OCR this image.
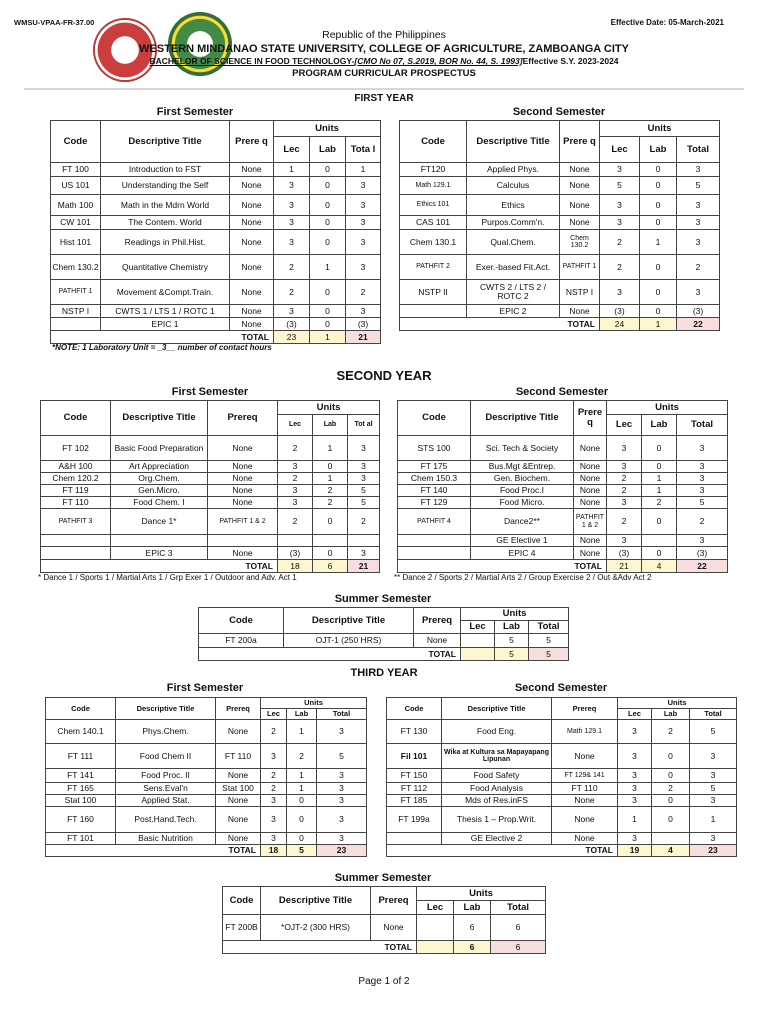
WMSU-VPAA-FR-37.00	Effective Date: 05-March-2021
Republic of the Philippines
WESTERN MINDANAO STATE UNIVERSITY, COLLEGE OF AGRICULTURE, ZAMBOANGA CITY
BACHELOR OF SCIENCE IN FOOD TECHNOLOGY-[CMO No 07, S.2019, BOR No. 44, S. 1993]Effective S.Y. 2023-2024
PROGRAM CURRICULAR PROSPECTUS
FIRST YEAR
First Semester	Second Semester
Code	Descriptive Title	Prere q	Units		
			Lec	Lab	Tota l
FT 100	Introduction to FST	None	1	0	1
US 101	Understanding the Self	None	3	0	3
Math 100	Math in the Mdrn World	None	3	0	3
CW 101	The Contem. World	None	3	0	3
Hist 101	Readings in Phil.Hist.	None	3	0	3
Chem 130.2	Quantitative Chemistry	None	2	1	3
PATHFIT 1	Movement &Compt.Train.	None	2	0	2
NSTP I	CWTS 1 / LTS 1 / ROTC 1	None	3	0	3
	EPIC 1	None	(3)	0	(3)
TOTAL			23	1	21
Code	Descriptive Title	Prere q	Units		
			Lec	Lab	Total
FT120	Applied Phys.	None	3	0	3
Math 129.1	Calculus	None	5	0	5
Ethics 101	Ethics	None	3	0	3
CAS 101	Purpos.Comm'n.	None	3	0	3
Chem 130.1	Qual.Chem.	Chem 130.2	2	1	3
PATHFIT 2	Exer.-based Fit.Act.	PATHFIT 1	2	0	2
NSTP II	CWTS 2 / LTS 2 / ROTC 2	NSTP I	3	0	3
	EPIC 2	None	(3)	0	(3)
TOTAL			24	1	22
*NOTE: 1 Laboratory Unit = _3__ number of contact hours
SECOND YEAR
First Semester	Second Semester
Code	Descriptive Title	Prereq	Units		
			Lec	Lab	Tot al
FT 102	Basic Food Preparation	None	2	1	3
A&H 100	Art Appreciation	None	3	0	3
Chem 120.2	Org.Chem.	None	2	1	3
FT 119	Gen.Micro.	None	3	2	5
FT 110	Food Chem. I	None	3	2	5
PATHFIT 3	Dance 1*	PATHFIT 1 & 2	2	0	2

	EPIC 3	None	(3)	0	3
TOTAL			18	6	21
Code	Descriptive Title	Prere q	Units		
			Lec	Lab	Total
STS 100	Sci. Tech & Society	None	3	0	3
FT 175	Bus.Mgt &Entrep.	None	3	0	3
Chem 150.3	Gen. Biochem.	None	2	1	3
FT 140	Food Proc.I	None	2	1	3
FT 129	Food Micro.	None	3	2	5
PATHFIT 4	Dance2**	PATHFIT 1 & 2	2	0	2
	GE Elective 1	None	3		3
	EPIC 4	None	(3)	0	(3)
TOTAL			21	4	22
* Dance 1 / Sports 1 / Martial Arts 1 / Grp Exer 1 / Outdoor and Adv. Act 1	** Dance 2 / Sports 2 / Martial Arts 2 / Group Exercise 2 / Out &Adv Act 2
Summer Semester
Code	Descriptive Title	Prereq	Units		
			Lec	Lab	Total
FT 200a	OJT-1 (250 HRS)	None		5	5
TOTAL				5	5
THIRD YEAR
First Semester	Second Semester
Code	Descriptive Title	Prereq	Units		
			Lec	Lab	Total
Chem 140.1	Phys.Chem.	None	2	1	3
FT 111	Food Chem II	FT 110	3	2	5
FT 141	Food Proc. II	None	2	1	3
FT 165	Sens.Eval'n	Stat 100	2	1	3
Stat 100	Applied Stat.	None	3	0	3
FT 160	Post.Hand.Tech.	None	3	0	3
FT 101	Basic Nutrition	None	3	0	3
TOTAL			18	5	23
Code	Descriptive Title	Prereq	Units		
			Lec	Lab	Total
FT 130	Food Eng.	Math 129.1	3	2	5
Fil 101	Wika at Kultura sa Mapayapang Lipunan	None	3	0	3
FT 150	Food Safety	FT 129& 141	3	0	3
FT 112	Food Analysis	FT 110	3	2	5
FT 185	Mds of Res.inFS	None	3	0	3
FT 199a	Thesis 1 – Prop.Writ.	None	1	0	1
	GE Elective 2	None	3		3
TOTAL			19	4	23
Summer Semester
Code	Descriptive Title	Prereq	Units		
			Lec	Lab	Total
FT 200B	*OJT-2 (300 HRS)	None		6	6
TOTAL				6	6
Page 1 of 2
